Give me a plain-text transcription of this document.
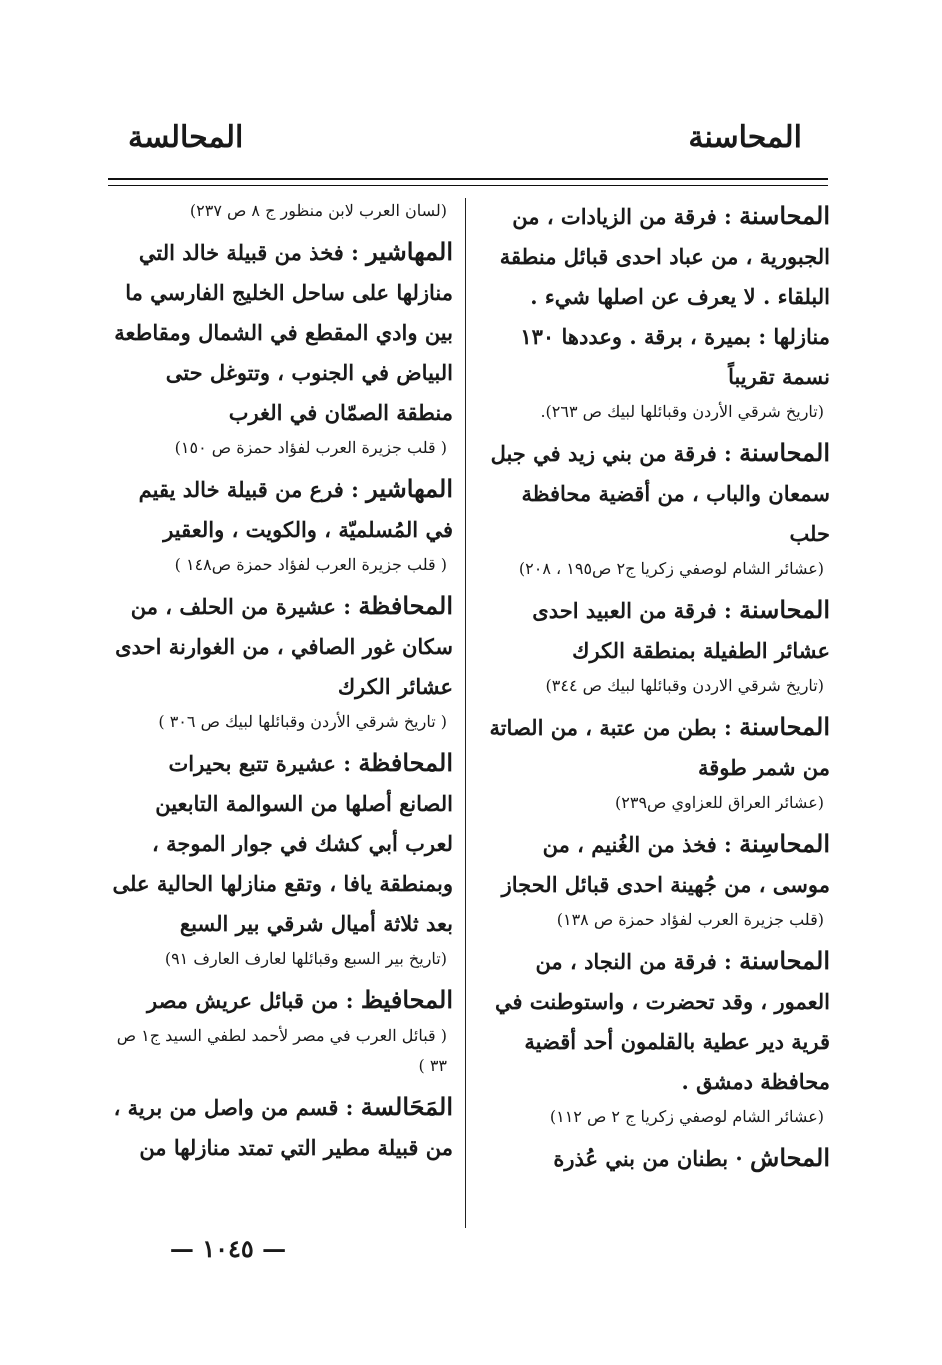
المحاسنة
المحالسة
المحاسنة : فرقة من الزيادات ، من الجبورية ، من عباد احدى قبائل منطقة البلقاء . لا يعرف عن اصلها شيء . منازلها : بميرة ، برقة . وعددها ١٣٠ نسمة تقريباً
(تاريخ شرقي الأردن وقبائلها لبيك ص ٢٦٣).
المحاسنة : فرقة من بني زيد في جبل سمعان والباب ، من أقضية محافظة حلب
(عشائر الشام لوصفي زكريا ج٢ ص١٩٥ ، ٢٠٨)
المحاسنة : فرقة من العبيد احدى عشائر الطفيلة بمنطقة الكرك
(تاريخ شرقي الاردن وقبائلها لبيك ص ٣٤٤)
المحاسنة : بطن من عتبة ، من الصاتة من شمر طوقة
(عشائر العراق للعزاوي ص٢٣٩)
المحاسِنة : فخذ من الغُنيم ، من موسى ، من جُهينة احدى قبائل الحجاز
(قلب جزيرة العرب لفؤاد حمزة ص ١٣٨)
المحاسنة : فرقة من النجاد ، من العمور ، وقد تحضرت ، واستوطنت في قرية دير عطية بالقلمون أحد أقضية محافظة دمشق .
(عشائر الشام لوصفي زكريا ج ٢ ص ١١٢)
المحاش · بطنان من بني عُذرة
(لسان العرب لابن منظور ج ٨ ص ٢٣٧)
المهاشير : فخذ من قبيلة خالد التي منازلها على ساحل الخليج الفارسي ما بين وادي المقطع في الشمال ومقاطعة البياض في الجنوب ، وتتوغل حتى منطقة الصمّان في الغرب
( قلب جزيرة العرب لفؤاد حمزة ص ١٥٠)
المهاشير : فرع من قبيلة خالد يقيم في المُسلميّة ، والكويت ، والعقير
( قلب جزيرة العرب لفؤاد حمزة ص١٤٨ )
المحافظة : عشيرة من الحلف ، من سكان غور الصافي ، من الغوارنة احدى عشائر الكرك
( تاريخ شرقي الأردن وقبائلها لبيك ص ٣٠٦ )
المحافظة : عشيرة تتبع بحيرات الصانع أصلها من السوالمة التابعين لعرب أبي كشك في جوار الموجة ، وبمنطقة يافا ، وتقع منازلها الحالية على بعد ثلاثة أميال شرقي بير السبع
(تاريخ بير السبع وقبائلها لعارف العارف ٩١)
المحافيظ : من قبائل عريش مصر
( قبائل العرب في مصر لأحمد لطفي السيد ج١ ص ٣٣ )
المَحَالسة : قسم من واصل من برية ، من قبيلة مطير التي تمتد منازلها من
— ١٠٤٥ —
